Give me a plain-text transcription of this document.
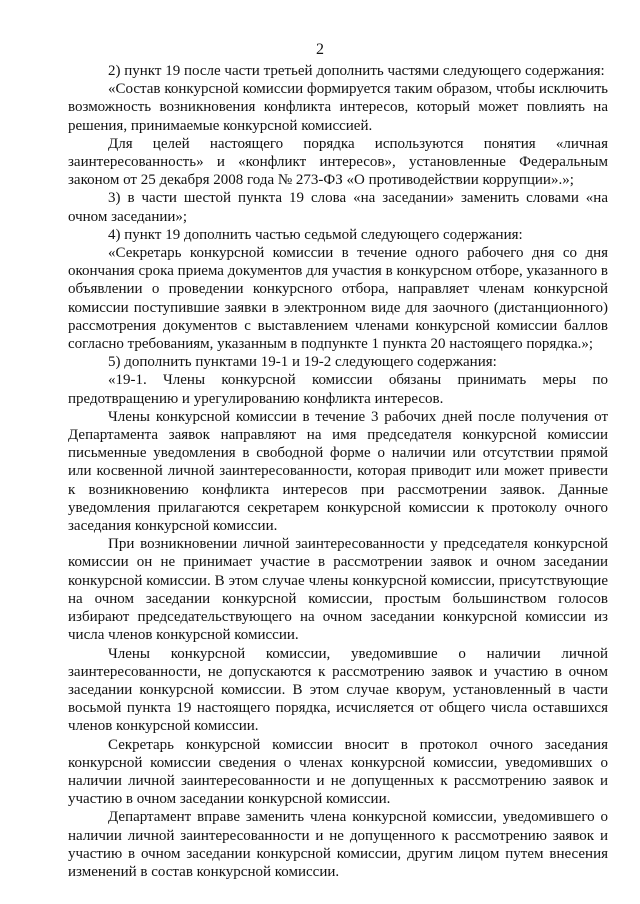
2

2) пункт 19 после части третьей дополнить частями следующего содержания:

«Состав конкурсной комиссии формируется таким образом, чтобы исключить возможность возникновения конфликта интересов, который может повлиять на решения, принимаемые конкурсной комиссией.

Для целей настоящего порядка используются понятия «личная заинтересованность» и «конфликт интересов», установленные Федеральным законом от 25 декабря 2008 года № 273-ФЗ «О противодействии коррупции».»;

3) в части шестой пункта 19 слова «на заседании» заменить словами «на очном заседании»;

4) пункт 19 дополнить частью седьмой следующего содержания:

«Секретарь конкурсной комиссии в течение одного рабочего дня со дня окончания срока приема документов для участия в конкурсном отборе, указанного в объявлении о проведении конкурсного отбора, направляет членам конкурсной комиссии поступившие заявки в электронном виде для заочного (дистанционного) рассмотрения документов с выставлением членами конкурсной комиссии баллов согласно требованиям, указанным в подпункте 1 пункта 20 настоящего порядка.»;

5) дополнить пунктами 19-1 и 19-2 следующего содержания:

«19-1. Члены конкурсной комиссии обязаны принимать меры по предотвращению и урегулированию конфликта интересов.

Члены конкурсной комиссии в течение 3 рабочих дней после получения от Департамента заявок направляют на имя председателя конкурсной комиссии письменные уведомления в свободной форме о наличии или отсутствии прямой или косвенной личной заинтересованности, которая приводит или может привести к возникновению конфликта интересов при рассмотрении заявок. Данные уведомления прилагаются секретарем конкурсной комиссии к протоколу очного заседания конкурсной комиссии.

При возникновении личной заинтересованности у председателя конкурсной комиссии он не принимает участие в рассмотрении заявок и очном заседании конкурсной комиссии. В этом случае члены конкурсной комиссии, присутствующие на очном заседании конкурсной комиссии, простым большинством голосов избирают председательствующего на очном заседании конкурсной комиссии из числа членов конкурсной комиссии.

Члены конкурсной комиссии, уведомившие о наличии личной заинтересованности, не допускаются к рассмотрению заявок и участию в очном заседании конкурсной комиссии. В этом случае кворум, установленный в части восьмой пункта 19 настоящего порядка, исчисляется от общего числа оставшихся членов конкурсной комиссии.

Секретарь конкурсной комиссии вносит в протокол очного заседания конкурсной комиссии сведения о членах конкурсной комиссии, уведомивших о наличии личной заинтересованности и не допущенных к рассмотрению заявок и участию в очном заседании конкурсной комиссии.

Департамент вправе заменить члена конкурсной комиссии, уведомившего о наличии личной заинтересованности и не допущенного к рассмотрению заявок и участию в очном заседании конкурсной комиссии, другим лицом путем внесения изменений в состав конкурсной комиссии.
